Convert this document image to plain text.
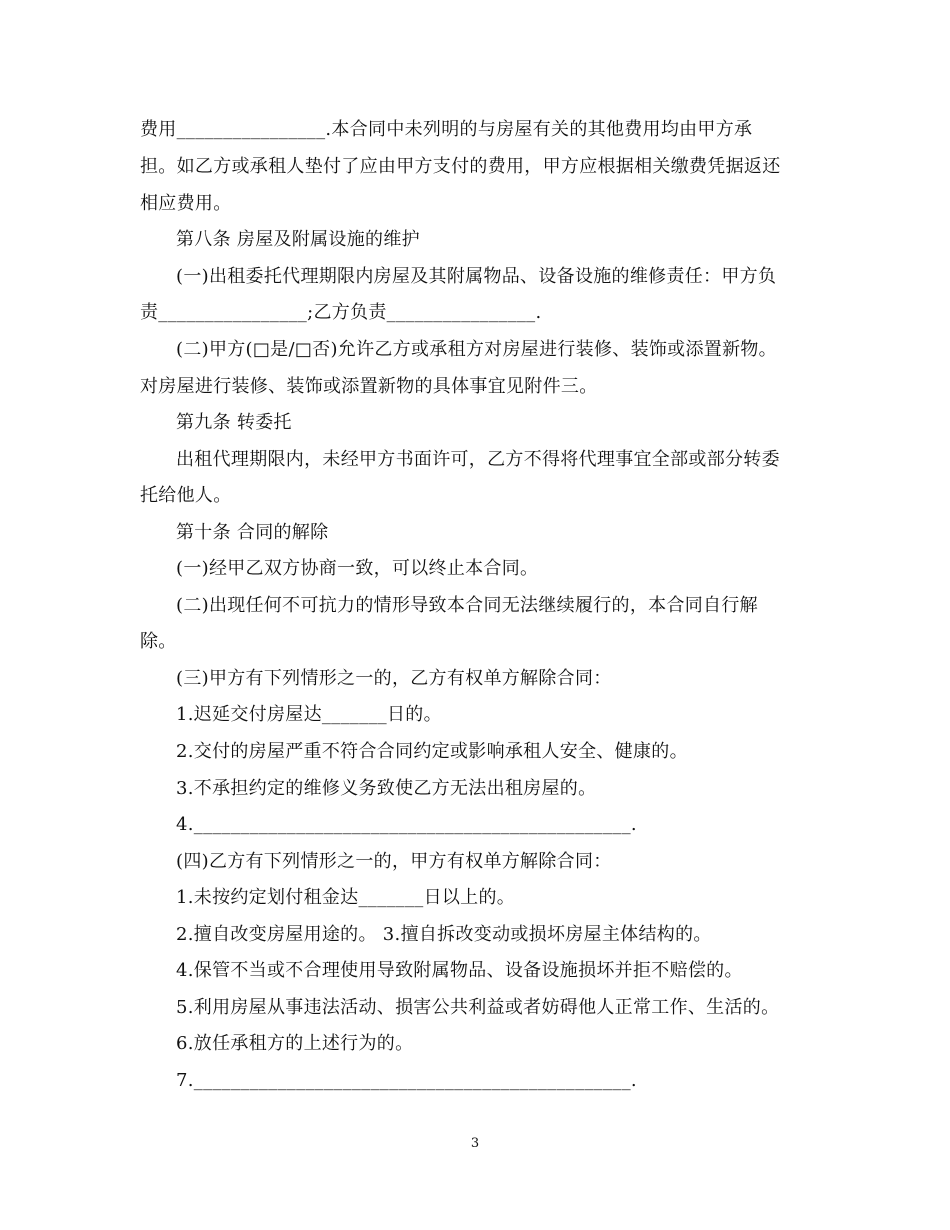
费用________________.本合同中未列明的与房屋有关的其他费用均由甲方承
担。如乙方或承租人垫付了应由甲方支付的费用，甲方应根据相关缴费凭据返还
相应费用。
第八条 房屋及附属设施的维护
(一)出租委托代理期限内房屋及其附属物品、设备设施的维修责任：甲方负
责________________;乙方负责________________.
(二)甲方(□是/□否)允许乙方或承租方对房屋进行装修、装饰或添置新物。
对房屋进行装修、装饰或添置新物的具体事宜见附件三。
第九条 转委托
出租代理期限内，未经甲方书面许可，乙方不得将代理事宜全部或部分转委
托给他人。
第十条 合同的解除
(一)经甲乙双方协商一致，可以终止本合同。
(二)出现任何不可抗力的情形导致本合同无法继续履行的，本合同自行解
除。
(三)甲方有下列情形之一的，乙方有权单方解除合同：
1.迟延交付房屋达_______日的。
2.交付的房屋严重不符合合同约定或影响承租人安全、健康的。
3.不承担约定的维修义务致使乙方无法出租房屋的。
4._______________________________________________.
(四)乙方有下列情形之一的，甲方有权单方解除合同：
1.未按约定划付租金达_______日以上的。
2.擅自改变房屋用途的。 3.擅自拆改变动或损坏房屋主体结构的。
4.保管不当或不合理使用导致附属物品、设备设施损坏并拒不赔偿的。
5.利用房屋从事违法活动、损害公共利益或者妨碍他人正常工作、生活的。
6.放任承租方的上述行为的。
7._______________________________________________.
3
